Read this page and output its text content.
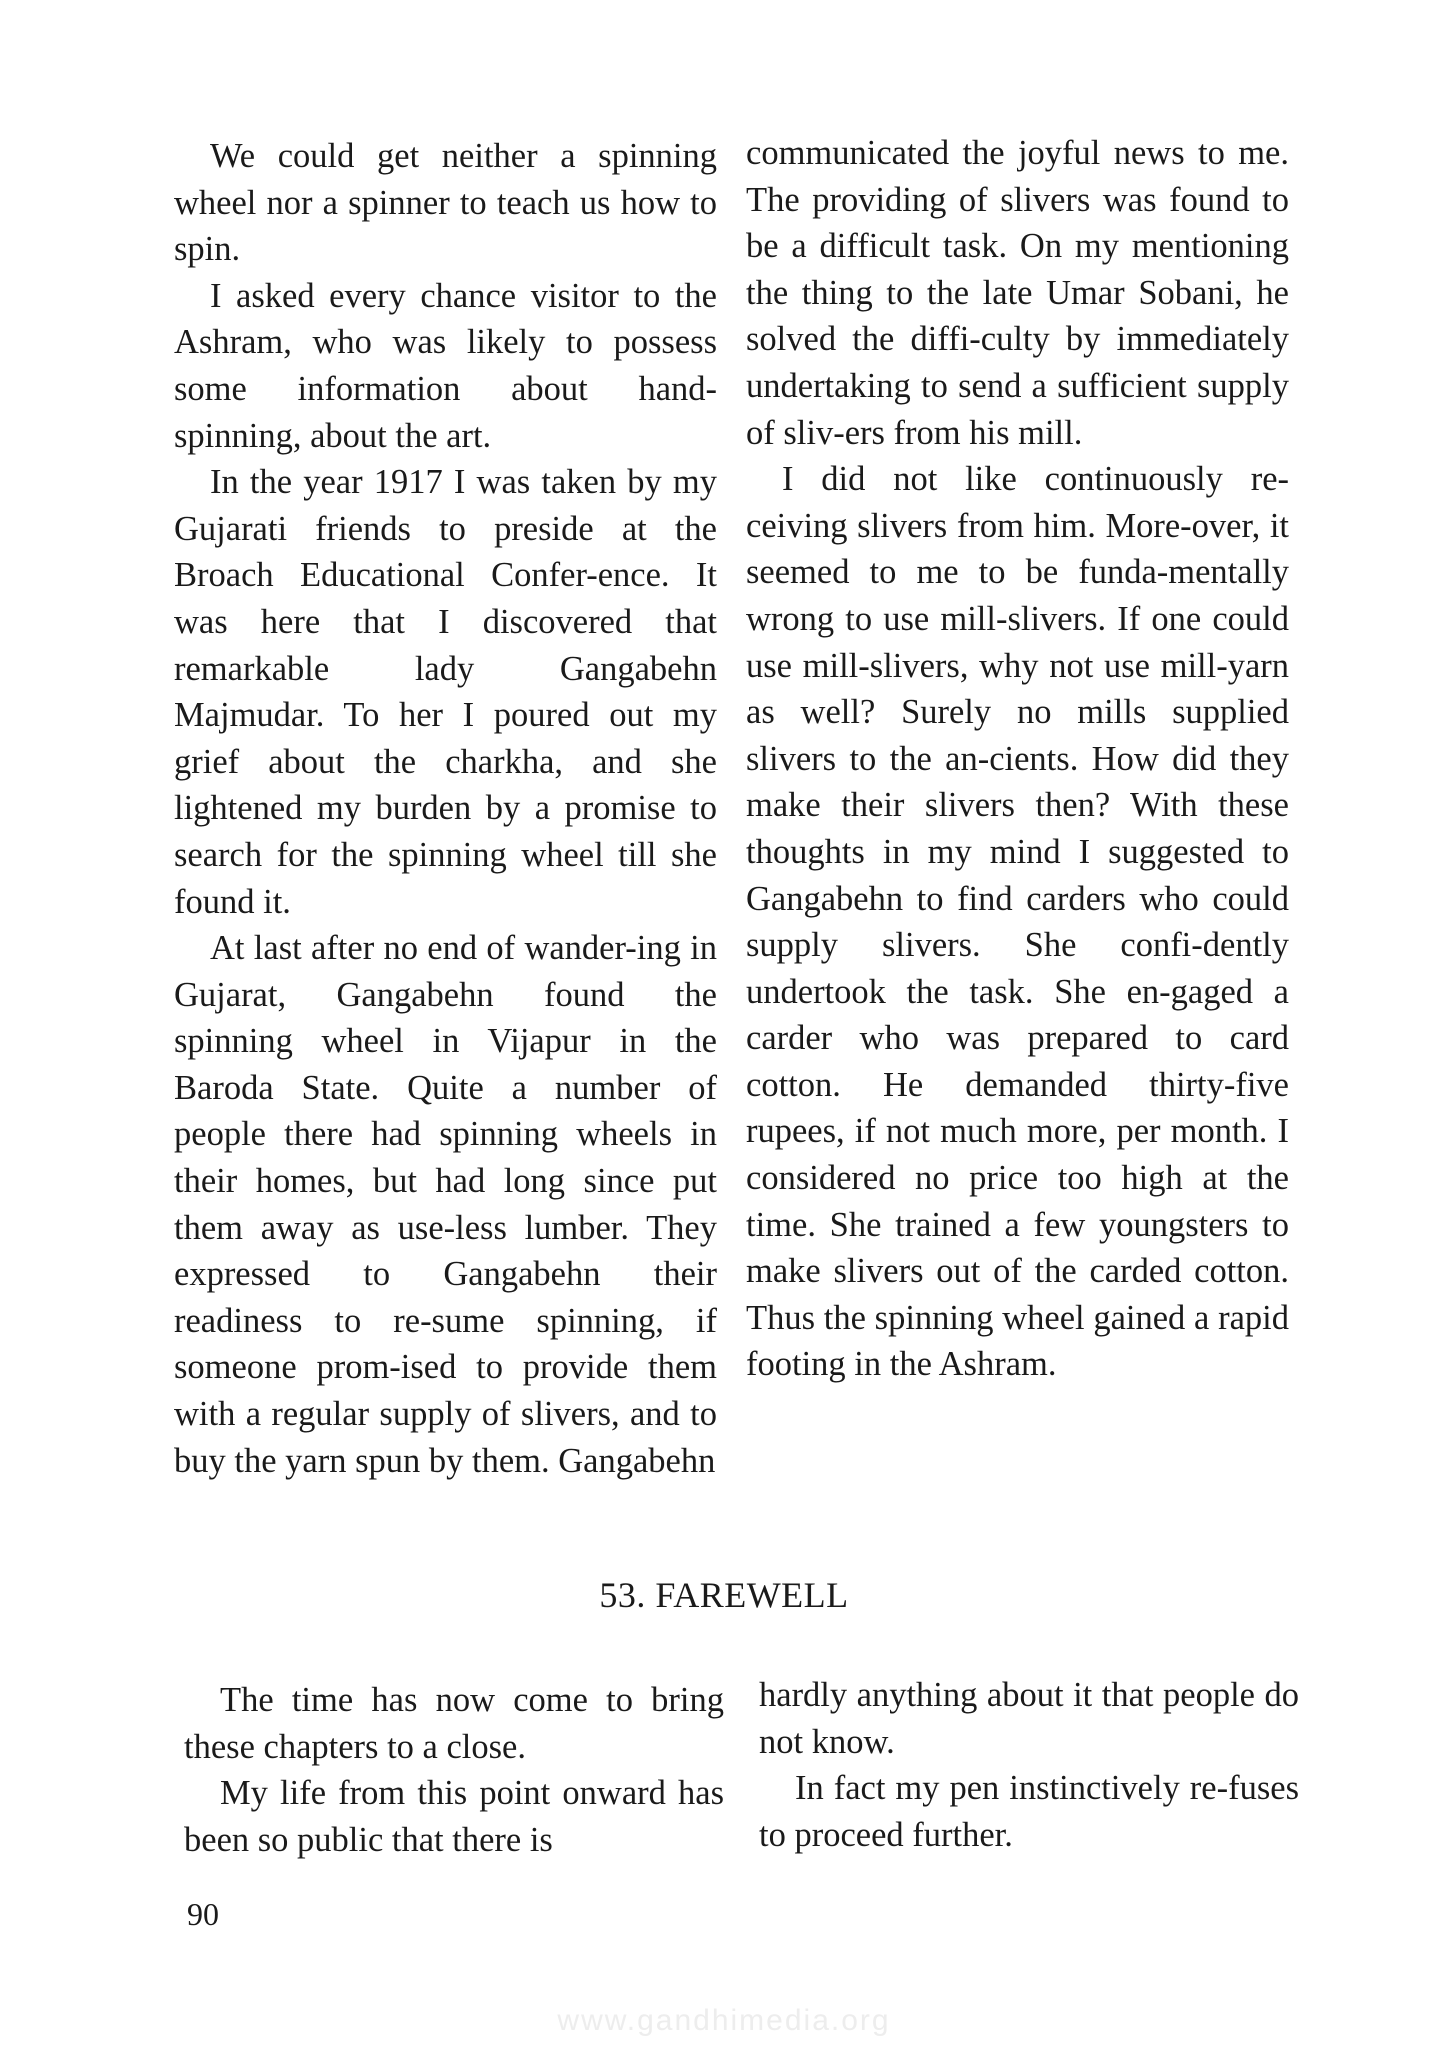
We could get neither a spinning wheel nor a spinner to teach us how to spin.

I asked every chance visitor to the Ashram, who was likely to possess some information about hand-spinning, about the art.

In the year 1917 I was taken by my Gujarati friends to preside at the Broach Educational Confer-ence. It was here that I discovered that remarkable lady Gangabehn Majmudar. To her I poured out my grief about the charkha, and she lightened my burden by a promise to search for the spinning wheel till she found it.

At last after no end of wander-ing in Gujarat, Gangabehn found the spinning wheel in Vijapur in the Baroda State. Quite a number of people there had spinning wheels in their homes, but had long since put them away as use-less lumber. They expressed to Gangabehn their readiness to re-sume spinning, if someone prom-ised to provide them with a regular supply of slivers, and to buy the yarn spun by them. Gangabehn

communicated the joyful news to me. The providing of slivers was found to be a difficult task. On my mentioning the thing to the late Umar Sobani, he solved the diffi-culty by immediately undertaking to send a sufficient supply of sliv-ers from his mill.

I did not like continuously re-ceiving slivers from him. More-over, it seemed to me to be funda-mentally wrong to use mill-slivers. If one could use mill-slivers, why not use mill-yarn as well? Surely no mills supplied slivers to the an-cients. How did they make their slivers then? With these thoughts in my mind I suggested to Gangabehn to find carders who could supply slivers. She confi-dently undertook the task. She en-gaged a carder who was prepared to card cotton. He demanded thirty-five rupees, if not much more, per month. I considered no price too high at the time. She trained a few youngsters to make slivers out of the carded cotton. Thus the spinning wheel gained a rapid footing in the Ashram.

53. FAREWELL

The time has now come to bring these chapters to a close.

My life from this point onward has been so public that there is

hardly anything about it that people do not know.

In fact my pen instinctively re-fuses to proceed further.

90
www.gandhimedia.org
